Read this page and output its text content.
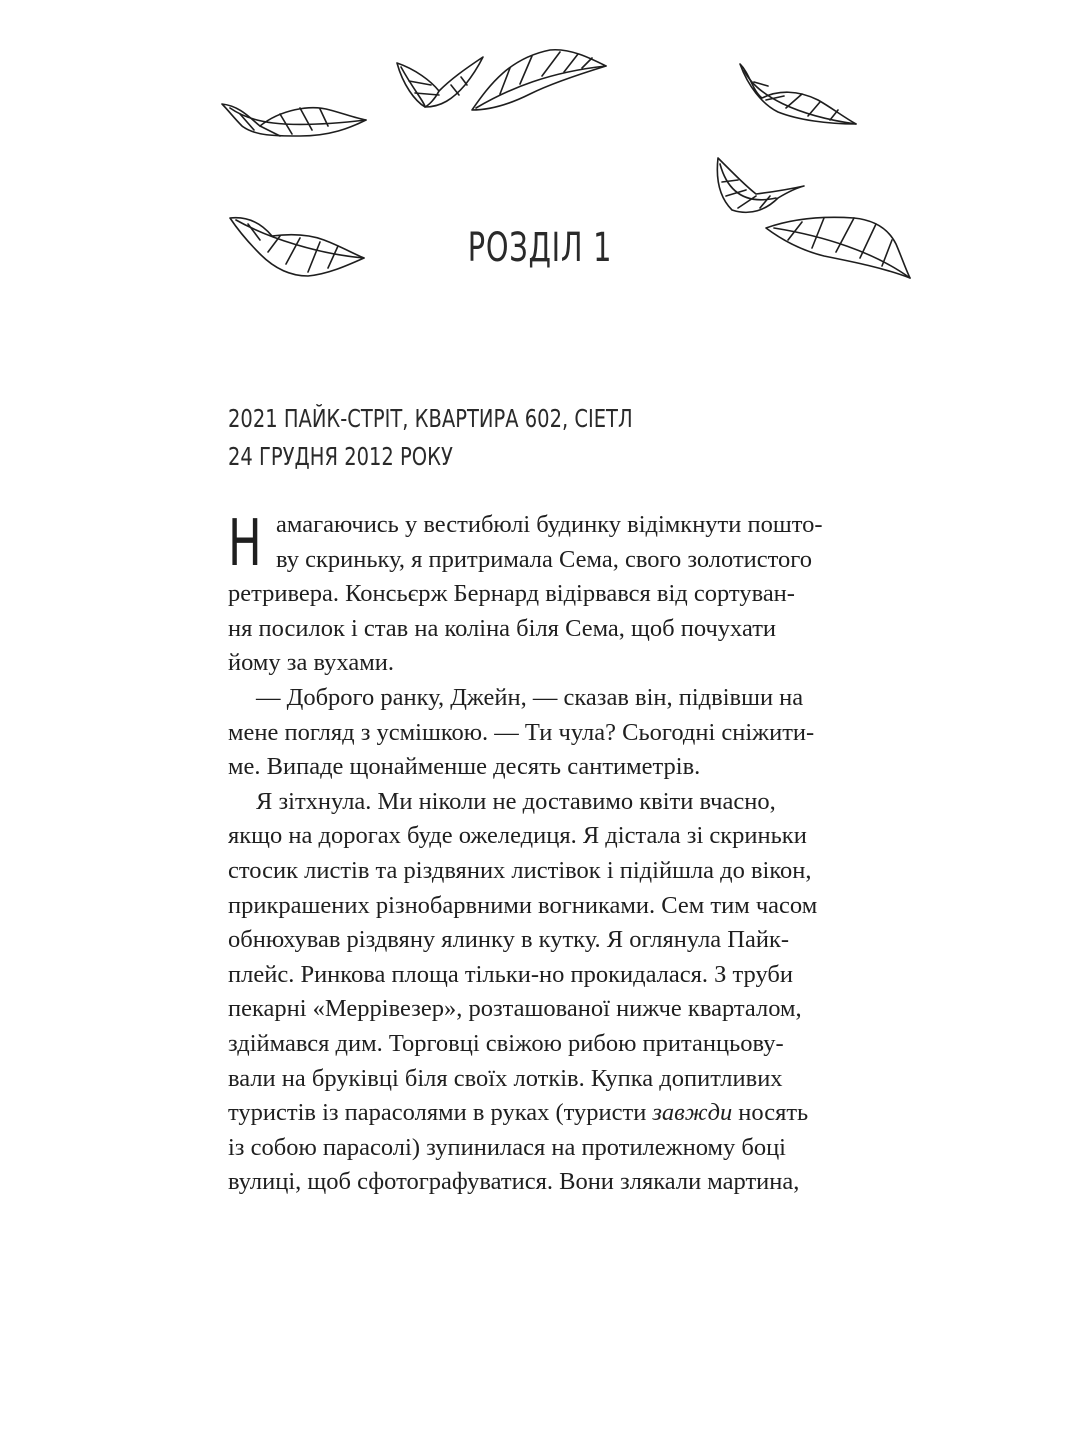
РОЗДІЛ 1
2021 ПАЙК-СТРІТ, КВАРТИРА 602, СІЕТЛ
24 ГРУДНЯ 2012 РОКУ
Н амагаючись у вестибюлі будинку відімкнути пошто-
ву скриньку, я притримала Сема, свого золотистого
ретривера. Консьєрж Бернард відірвався від сортуван-
ня посилок і став на коліна біля Сема, щоб почухати
йому за вухами.
— Доброго ранку, Джейн, — сказав він, підвівши на
мене погляд з усмішкою. — Ти чула? Сьогодні сніжити-
ме. Випаде щонайменше десять сантиметрів.
Я зітхнула. Ми ніколи не доставимо квіти вчасно,
якщо на дорогах буде ожеледиця. Я дістала зі скриньки
стосик листів та різдвяних листівок і підійшла до вікон,
прикрашених різнобарвними вогниками. Сем тим часом
обнюхував різдвяну ялинку в кутку. Я оглянула Пайк-
плейс. Ринкова площа тільки-но прокидалася. З труби
пекарні «Меррівезер», розташованої нижче кварталом,
здіймався дим. Торговці свіжою рибою пританцьову-
вали на бруківці біля своїх лотків. Купка допитливих
туристів із парасолями в руках (туристи завжди носять
із собою парасолі) зупинилася на протилежному боці
вулиці, щоб сфотографуватися. Вони злякали мартина,
